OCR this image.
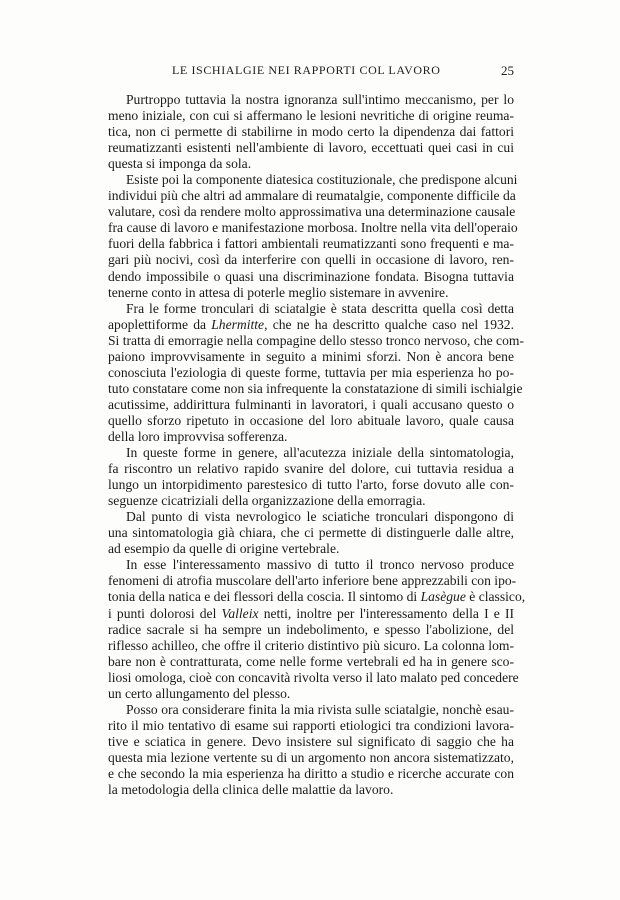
LE ISCHIALGIE NEI RAPPORTI COL LAVORO	25
Purtroppo tuttavia la nostra ignoranza sull'intimo meccanismo, per lo
meno iniziale, con cui si affermano le lesioni nevritiche di origine reuma-
tica, non ci permette di stabilirne in modo certo la dipendenza dai fattori
reumatizzanti esistenti nell'ambiente di lavoro, eccettuati quei casi in cui
questa si imponga da sola.
Esiste poi la componente diatesica costituzionale, che predispone alcuni
individui più che altri ad ammalare di reumatalgie, componente difficile da
valutare, così da rendere molto approssimativa una determinazione causale
fra cause di lavoro e manifestazione morbosa. Inoltre nella vita dell'operaio
fuori della fabbrica i fattori ambientali reumatizzanti sono frequenti e ma-
gari più nocivi, così da interferire con quelli in occasione di lavoro, ren-
dendo impossibile o quasi una discriminazione fondata. Bisogna tuttavia
tenerne conto in attesa di poterle meglio sistemare in avvenire.
Fra le forme tronculari di sciatalgie è stata descritta quella così detta
apoplettiforme da Lhermitte, che ne ha descritto qualche caso nel 1932.
Si tratta di emorragie nella compagine dello stesso tronco nervoso, che com-
paiono improvvisamente in seguito a minimi sforzi. Non è ancora bene
conosciuta l'eziologia di queste forme, tuttavia per mia esperienza ho po-
tuto constatare come non sia infrequente la constatazione di simili ischialgie
acutissime, addirittura fulminanti in lavoratori, i quali accusano questo o
quello sforzo ripetuto in occasione del loro abituale lavoro, quale causa
della loro improvvisa sofferenza.
In queste forme in genere, all'acutezza iniziale della sintomatologia,
fa riscontro un relativo rapido svanire del dolore, cui tuttavia residua a
lungo un intorpidimento parestesico di tutto l'arto, forse dovuto alle con-
seguenze cicatriziali della organizzazione della emorragia.
Dal punto di vista nevrologico le sciatiche tronculari dispongono di
una sintomatologia già chiara, che ci permette di distinguerle dalle altre,
ad esempio da quelle di origine vertebrale.
In esse l'interessamento massivo di tutto il tronco nervoso produce
fenomeni di atrofia muscolare dell'arto inferiore bene apprezzabili con ipo-
tonia della natica e dei flessori della coscia. Il sintomo di Lasègue è classico,
i punti dolorosi del Valleix netti, inoltre per l'interessamento della I e II
radice sacrale si ha sempre un indebolimento, e spesso l'abolizione, del
riflesso achilleo, che offre il criterio distintivo più sicuro. La colonna lom-
bare non è contratturata, come nelle forme vertebrali ed ha in genere sco-
liosi omologa, cioè con concavità rivolta verso il lato malato ped concedere
un certo allungamento del plesso.
Posso ora considerare finita la mia rivista sulle sciatalgie, nonchè esau-
rito il mio tentativo di esame sui rapporti etiologici tra condizioni lavora-
tive e sciatica in genere. Devo insistere sul significato di saggio che ha
questa mia lezione vertente su di un argomento non ancora sistematizzato,
e che secondo la mia esperienza ha diritto a studio e ricerche accurate con
la metodologia della clinica delle malattie da lavoro.
